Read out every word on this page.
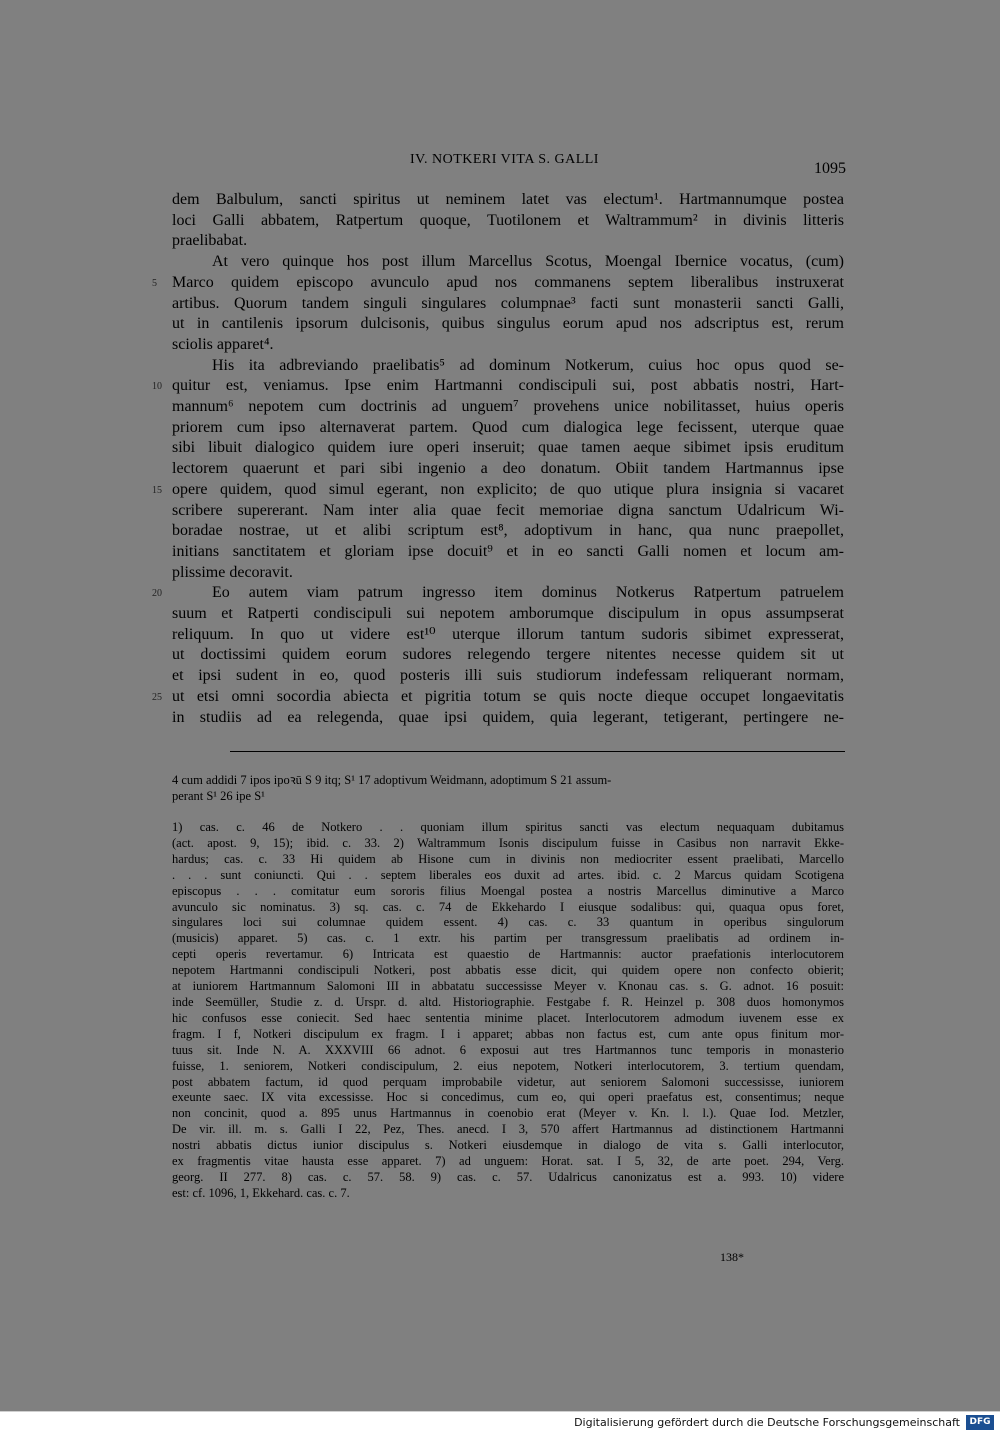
IV. NOTKERI VITA S. GALLI
1095
5
10
15
20
25
dem Balbulum, sancti spiritus ut neminem latet vas electum¹. Hartmannumque postea
loci Galli abbatem, Ratpertum quoque, Tuotilonem et Waltrammum² in divinis litteris
praelibabat.
At vero quinque hos post illum Marcellus Scotus, Moengal Ibernice vocatus, (cum)
Marco quidem episcopo avunculo apud nos commanens septem liberalibus instruxerat
artibus. Quorum tandem singuli singulares columpnae³ facti sunt monasterii sancti Galli,
ut in cantilenis ipsorum dulcisonis, quibus singulus eorum apud nos adscriptus est, rerum
sciolis apparet⁴.
His ita adbreviando praelibatis⁵ ad dominum Notkerum, cuius hoc opus quod se-
quitur est, veniamus. Ipse enim Hartmanni condiscipuli sui, post abbatis nostri, Hart-
mannum⁶ nepotem cum doctrinis ad unguem⁷ provehens unice nobilitasset, huius operis
priorem cum ipso alternaverat partem. Quod cum dialogica lege fecissent, uterque quae
sibi libuit dialogico quidem iure operi inseruit; quae tamen aeque sibimet ipsis eruditum
lectorem quaerunt et pari sibi ingenio a deo donatum. Obiit tandem Hartmannus ipse
opere quidem, quod simul egerant, non explicito; de quo utique plura insignia si vacaret
scribere supererant. Nam inter alia quae fecit memoriae digna sanctum Udalricum Wi-
boradae nostrae, ut et alibi scriptum est⁸, adoptivum in hanc, qua nunc praepollet,
initians sanctitatem et gloriam ipse docuit⁹ et in eo sancti Galli nomen et locum am-
plissime decoravit.
Eo autem viam patrum ingresso item dominus Notkerus Ratpertum patruelem
suum et Ratperti condiscipuli sui nepotem amborumque discipulum in opus assumpserat
reliquum. In quo ut videre est¹⁰ uterque illorum tantum sudoris sibimet expresserat,
ut doctissimi quidem eorum sudores relegendo tergere nitentes necesse quidem sit ut
et ipsi sudent in eo, quod posteris illi suis studiorum indefessam reliquerant normam,
ut etsi omni socordia abiecta et pigritia totum se quis nocte dieque occupet longaevitatis
in studiis ad ea relegenda, quae ipsi quidem, quia legerant, tetigerant, pertingere ne-
4 cum addidi 7 ipos ipoꝛū S 9 itq; S¹ 17 adoptivum Weidmann, adoptimum S 21 assum-
perant S¹ 26 ipe S¹
1) cas. c. 46 de Notkero . . quoniam illum spiritus sancti vas electum nequaquam dubitamus
(act. apost. 9, 15); ibid. c. 33. 2) Waltrammum Isonis discipulum fuisse in Casibus non narravit Ekke-
hardus; cas. c. 33 Hi quidem ab Hisone cum in divinis non mediocriter essent praelibati, Marcello
. . . sunt coniuncti. Qui . . septem liberales eos duxit ad artes. ibid. c. 2 Marcus quidam Scotigena
episcopus . . . comitatur eum sororis filius Moengal postea a nostris Marcellus diminutive a Marco
avunculo sic nominatus. 3) sq. cas. c. 74 de Ekkehardo I eiusque sodalibus: qui, quaqua opus foret,
singulares loci sui columnae quidem essent. 4) cas. c. 33 quantum in operibus singulorum
(musicis) apparet. 5) cas. c. 1 extr. his partim per transgressum praelibatis ad ordinem in-
cepti operis revertamur. 6) Intricata est quaestio de Hartmannis: auctor praefationis interlocutorem
nepotem Hartmanni condiscipuli Notkeri, post abbatis esse dicit, qui quidem opere non confecto obierit;
at iuniorem Hartmannum Salomoni III in abbatatu successisse Meyer v. Knonau cas. s. G. adnot. 16 posuit:
inde Seemüller, Studie z. d. Urspr. d. altd. Historiographie. Festgabe f. R. Heinzel p. 308 duos homonymos
hic confusos esse coniecit. Sed haec sententia minime placet. Interlocutorem admodum iuvenem esse ex
fragm. I f, Notkeri discipulum ex fragm. I i apparet; abbas non factus est, cum ante opus finitum mor-
tuus sit. Inde N. A. XXXVIII 66 adnot. 6 exposui aut tres Hartmannos tunc temporis in monasterio
fuisse, 1. seniorem, Notkeri condiscipulum, 2. eius nepotem, Notkeri interlocutorem, 3. tertium quendam,
post abbatem factum, id quod perquam improbabile videtur, aut seniorem Salomoni successisse, iuniorem
exeunte saec. IX vita excessisse. Hoc si concedimus, cum eo, qui operi praefatus est, consentimus; neque
non concinit, quod a. 895 unus Hartmannus in coenobio erat (Meyer v. Kn. l. l.). Quae Iod. Metzler,
De vir. ill. m. s. Galli I 22, Pez, Thes. anecd. I 3, 570 affert Hartmannus ad distinctionem Hartmanni
nostri abbatis dictus iunior discipulus s. Notkeri eiusdemque in dialogo de vita s. Galli interlocutor,
ex fragmentis vitae hausta esse apparet. 7) ad unguem: Horat. sat. I 5, 32, de arte poet. 294, Verg.
georg. II 277. 8) cas. c. 57. 58. 9) cas. c. 57. Udalricus canonizatus est a. 993. 10) videre
est: cf. 1096, 1, Ekkehard. cas. c. 7.
138*
Digitalisierung gefördert durch die Deutsche Forschungsgemeinschaft	DFG
